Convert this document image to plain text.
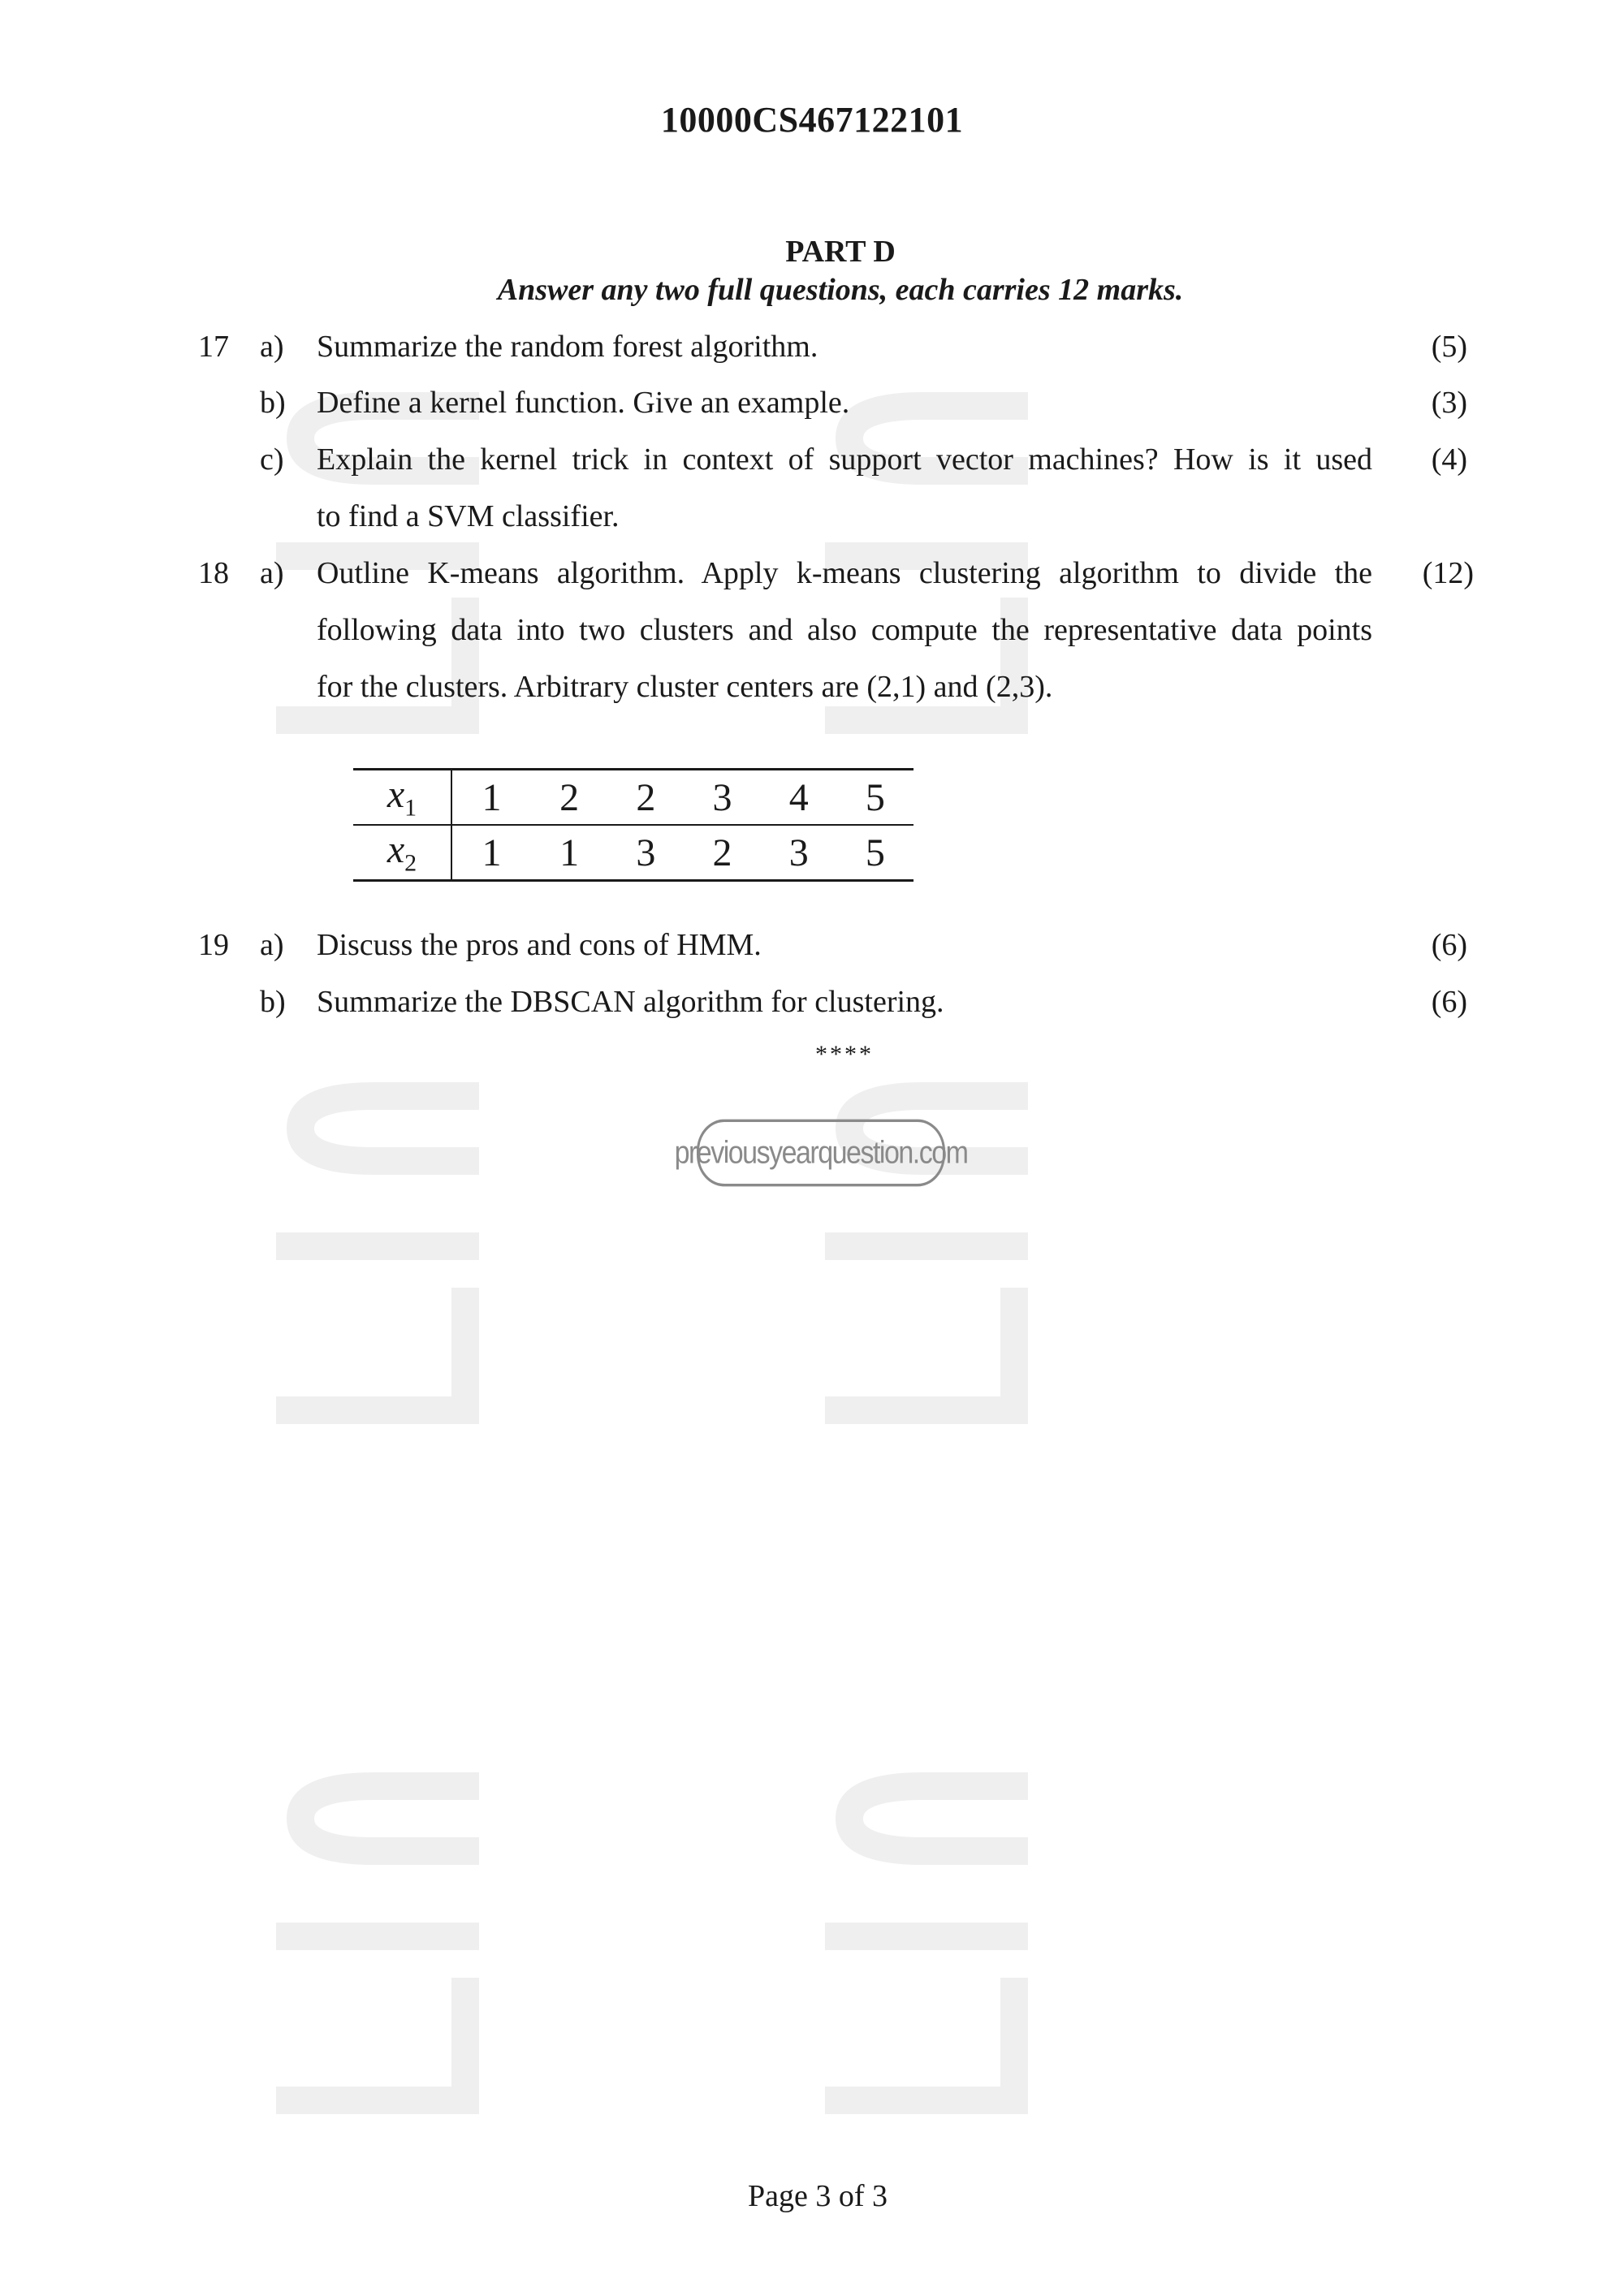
10000CS467122101
PART D
Answer any two full questions, each carries 12 marks.
17 a) Summarize the random forest algorithm.	(5)
b) Define a kernel function. Give an example.	(3)
c) Explain the kernel trick in context of support vector machines? How is it used (4)
to find a SVM classifier.
18 a) Outline K-means algorithm. Apply k-means clustering algorithm to divide the (12)
following data into two clusters and also compute the representative data points
for the clusters. Arbitrary cluster centers are (2,1) and (2,3).
$x_1$	1	2	2	3	4	5
$x_2$	1	1	3	2	3	5
19 a) Discuss the pros and cons of HMM.	(6)
b) Summarize the DBSCAN algorithm for clustering.	(6)
****
previousyearquestion.com
Page 3 of 3
